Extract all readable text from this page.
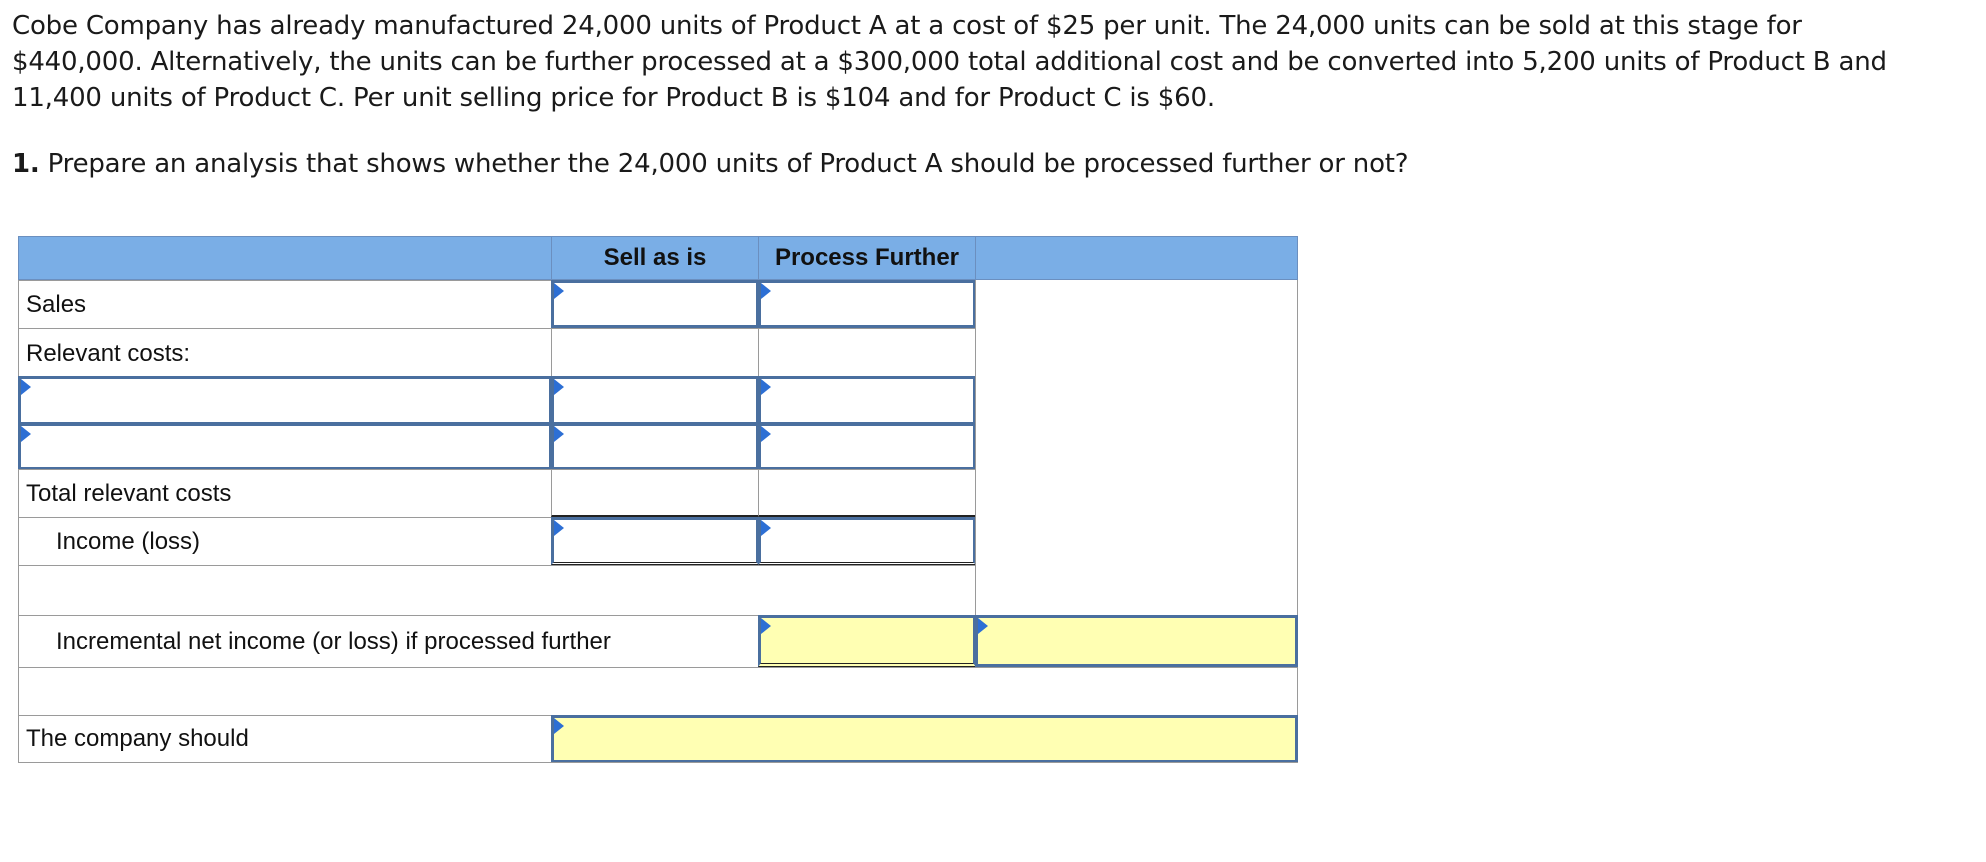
Cobe Company has already manufactured 24,000 units of Product A at a cost of $25 per unit. The 24,000 units can be sold at this stage for $440,000. Alternatively, the units can be further processed at a $300,000 total additional cost and be converted into 5,200 units of Product B and 11,400 units of Product C. Per unit selling price for Product B is $104 and for Product C is $60.

1. Prepare an analysis that shows whether the 24,000 units of Product A should be processed further or not?

Sell as is	Process Further
Sales
Relevant costs:
Total relevant costs
Income (loss)
Incremental net income (or loss) if processed further
The company should
